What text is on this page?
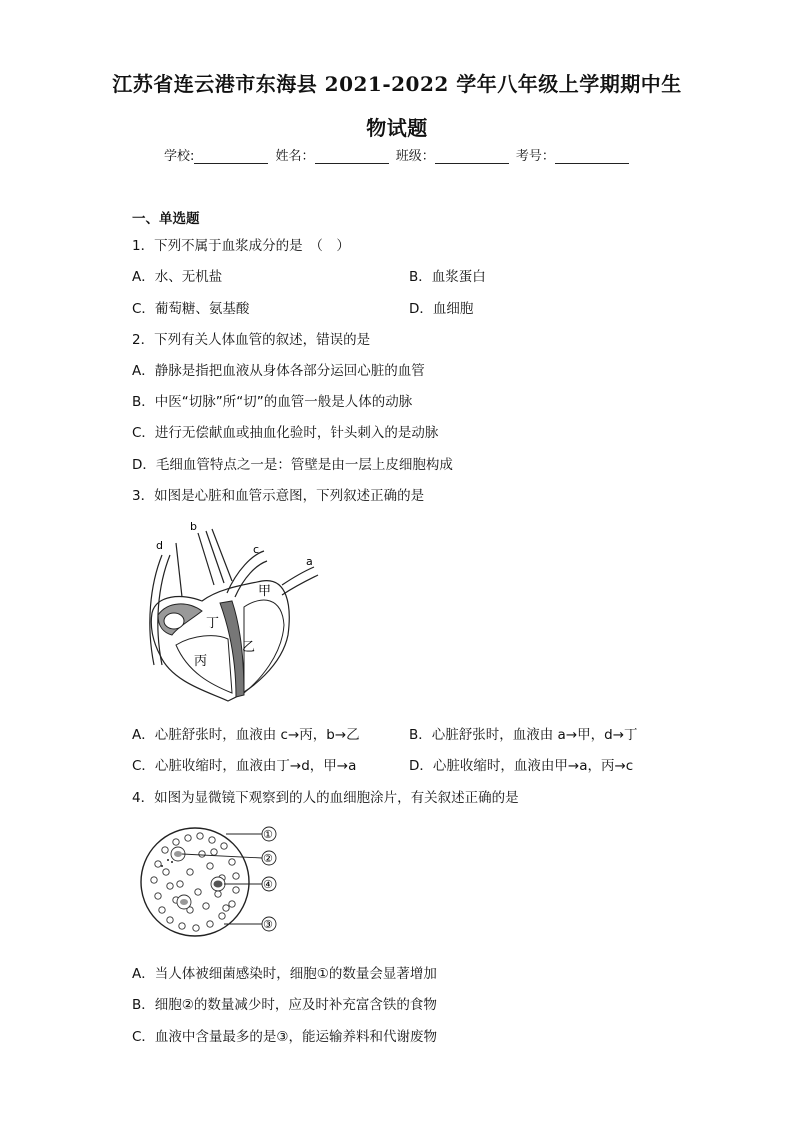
江苏省连云港市东海县 2021-2022 学年八年级上学期期中生
物试题
学校:	姓名：	班级：	考号：
一、单选题
1．下列不属于血浆成分的是　（　）
A．水、无机盐	B．血浆蛋白
C．葡萄糖、氨基酸	D．血细胞
2．下列有关人体血管的叙述，错误的是
A．静脉是指把血液从身体各部分运回心脏的血管
B．中医“切脉”所“切”的血管一般是人体的动脉
C．进行无偿献血或抽血化验时，针头刺入的是动脉
D．毛细血管特点之一是：管壁是由一层上皮细胞构成
3．如图是心脏和血管示意图，下列叙述正确的是
b
d	c
a
甲
丁
乙
丙
A．心脏舒张时，血液由 c→丙，b→乙	B．心脏舒张时，血液由 a→甲，d→丁
C．心脏收缩时，血液由丁→d，甲→a	D．心脏收缩时，血液由甲→a，丙→c
4．如图为显微镜下观察到的人的血细胞涂片，有关叙述正确的是
①
②
④
③
A．当人体被细菌感染时，细胞①的数量会显著增加
B．细胞②的数量减少时，应及时补充富含铁的食物
C．血液中含量最多的是③，能运输养料和代谢废物
